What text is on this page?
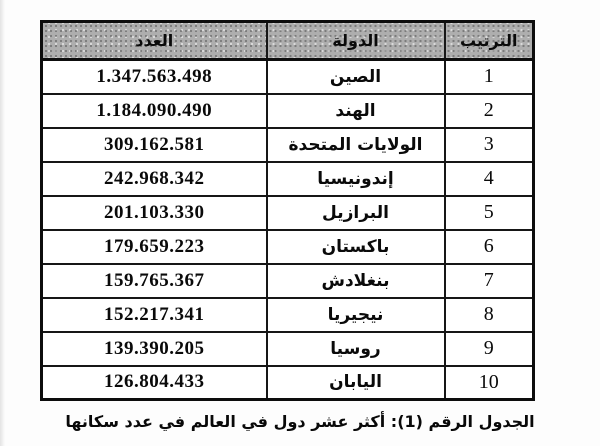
الترتيب	الدولة	العدد
1	الصين	1.347.563.498
2	الهند	1.184.090.490
3	الولايات المتحدة	309.162.581
4	إندونيسيا	242.968.342
5	البرازيل	201.103.330
6	باكستان	179.659.223
7	بنغلادش	159.765.367
8	نيجيريا	152.217.341
9	روسيا	139.390.205
10	اليابان	126.804.433
الجدول الرقم (1): أكثر عشر دول في العالم في عدد سكانها
